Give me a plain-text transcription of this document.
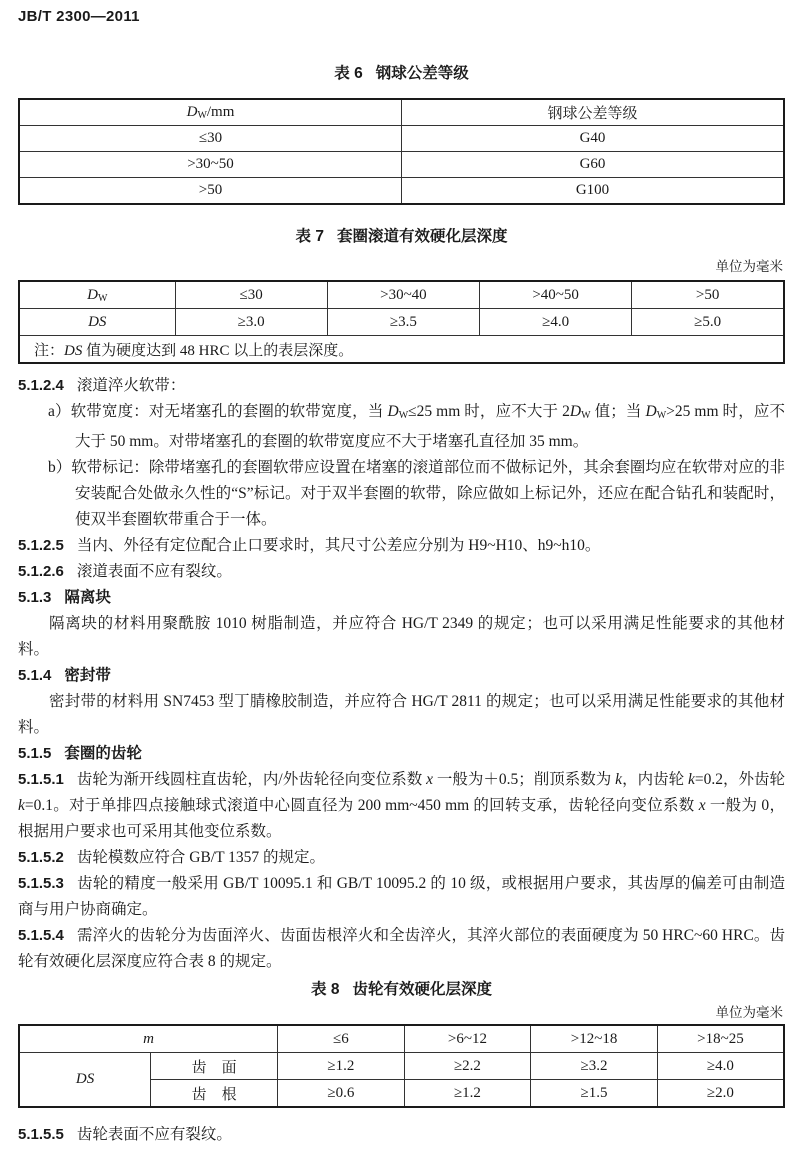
JB/T 2300—2011
表 6 钢球公差等级
DW/mm	钢球公差等级
≤30	G40
>30~50	G60
>50	G100
表 7 套圈滚道有效硬化层深度
单位为毫米
DW	≤30	>30~40	>40~50	>50
DS	≥3.0	≥3.5	≥4.0	≥5.0
注：DS 值为硬度达到 48 HRC 以上的表层深度。				

5.1.2.4 滚道淬火软带：

a）软带宽度：对无堵塞孔的套圈的软带宽度，当 DW≤25 mm 时，应不大于 2DW 值；当 DW>25 mm 时，应不大于 50 mm。对带堵塞孔的套圈的软带宽度应不大于堵塞孔直径加 35 mm。

b）软带标记：除带堵塞孔的套圈软带应设置在堵塞的滚道部位而不做标记外，其余套圈均应在软带对应的非安装配合处做永久性的“S”标记。对于双半套圈的软带，除应做如上标记外，还应在配合钻孔和装配时，使双半套圈软带重合于一体。

5.1.2.5 当内、外径有定位配合止口要求时，其尺寸公差应分别为 H9~H10、h9~h10。

5.1.2.6 滚道表面不应有裂纹。

5.1.3 隔离块

隔离块的材料用聚酰胺 1010 树脂制造，并应符合 HG/T 2349 的规定；也可以采用满足性能要求的其他材料。

5.1.4 密封带

密封带的材料用 SN7453 型丁腈橡胶制造，并应符合 HG/T 2811 的规定；也可以采用满足性能要求的其他材料。

5.1.5 套圈的齿轮

5.1.5.1 齿轮为渐开线圆柱直齿轮，内/外齿轮径向变位系数 x 一般为＋0.5；削顶系数为 k，内齿轮 k=0.2，外齿轮 k=0.1。对于单排四点接触球式滚道中心圆直径为 200 mm~450 mm 的回转支承，齿轮径向变位系数 x 一般为 0，根据用户要求也可采用其他变位系数。

5.1.5.2 齿轮模数应符合 GB/T 1357 的规定。

5.1.5.3 齿轮的精度一般采用 GB/T 10095.1 和 GB/T 10095.2 的 10 级，或根据用户要求，其齿厚的偏差可由制造商与用户协商确定。

5.1.5.4 需淬火的齿轮分为齿面淬火、齿面齿根淬火和全齿淬火，其淬火部位的表面硬度为 50 HRC~60 HRC。齿轮有效硬化层深度应符合表 8 的规定。

表 8 齿轮有效硬化层深度
单位为毫米
m		≤6	>6~12	>12~18	>18~25
DS	齿　面	≥1.2	≥2.2	≥3.2	≥4.0
	齿　根	≥0.6	≥1.2	≥1.5	≥2.0

5.1.5.5 齿轮表面不应有裂纹。
